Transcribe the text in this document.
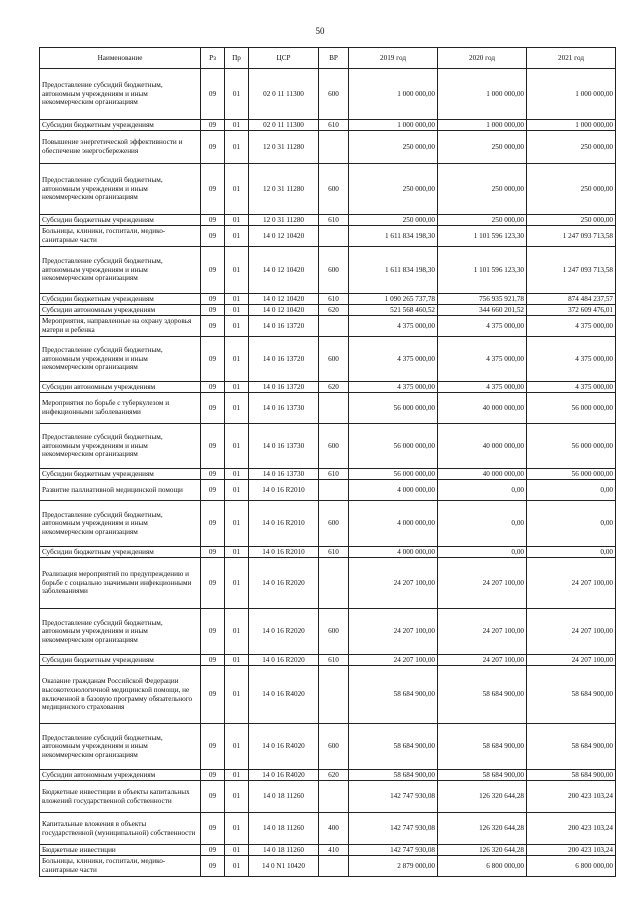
50
Наименование	Рз	Пр	ЦСР	ВР	2019 год	2020 год	2021 год
Предоставление субсидий бюджетным, автономным учреждениям и иным некоммерческим организациям	09	01	02 0 11 11300	600	1 000 000,00	1 000 000,00	1 000 000,00
Субсидии бюджетным учреждениям	09	01	02 0 11 11300	610	1 000 000,00	1 000 000,00	1 000 000,00
Повышение энергетической эффективности и обеспечение энергосбережения	09	01	12 0 31 11280		250 000,00	250 000,00	250 000,00
Предоставление субсидий бюджетным, автономным учреждениям и иным некоммерческим организациям	09	01	12 0 31 11280	600	250 000,00	250 000,00	250 000,00
Субсидии бюджетным учреждениям	09	01	12 0 31 11280	610	250 000,00	250 000,00	250 000,00
Больницы, клиники, госпитали, медико-санитарные части	09	01	14 0 12 10420		1 611 834 198,30	1 101 596 123,30	1 247 093 713,58
Предоставление субсидий бюджетным, автономным учреждениям и иным некоммерческим организациям	09	01	14 0 12 10420	600	1 611 834 198,30	1 101 596 123,30	1 247 093 713,58
Субсидии бюджетным учреждениям	09	01	14 0 12 10420	610	1 090 265 737,78	756 935 921,78	874 484 237,57
Субсидии автономным учреждениям	09	01	14 0 12 10420	620	521 568 460,52	344 660 201,52	372 609 476,01
Мероприятия, направленные на охрану здоровья матери и ребенка	09	01	14 0 16 13720		4 375 000,00	4 375 000,00	4 375 000,00
Предоставление субсидий бюджетным, автономным учреждениям и иным некоммерческим организациям	09	01	14 0 16 13720	600	4 375 000,00	4 375 000,00	4 375 000,00
Субсидии автономным учреждениям	09	01	14 0 16 13720	620	4 375 000,00	4 375 000,00	4 375 000,00
Мероприятия по борьбе с туберкулезом и инфекционными заболеваниями	09	01	14 0 16 13730		56 000 000,00	40 000 000,00	56 000 000,00
Предоставление субсидий бюджетным, автономным учреждениям и иным некоммерческим организациям	09	01	14 0 16 13730	600	56 000 000,00	40 000 000,00	56 000 000,00
Субсидии бюджетным учреждениям	09	01	14 0 16 13730	610	56 000 000,00	40 000 000,00	56 000 000,00
Развитие паллиативной медицинской помощи	09	01	14 0 16 R2010		4 000 000,00	0,00	0,00
Предоставление субсидий бюджетным, автономным учреждениям и иным некоммерческим организациям	09	01	14 0 16 R2010	600	4 000 000,00	0,00	0,00
Субсидии бюджетным учреждениям	09	01	14 0 16 R2010	610	4 000 000,00	0,00	0,00
Реализация мероприятий по предупреждению и борьбе с социально значимыми инфекционными заболеваниями	09	01	14 0 16 R2020		24 207 100,00	24 207 100,00	24 207 100,00
Предоставление субсидий бюджетным, автономным учреждениям и иным некоммерческим организациям	09	01	14 0 16 R2020	600	24 207 100,00	24 207 100,00	24 207 100,00
Субсидии бюджетным учреждениям	09	01	14 0 16 R2020	610	24 207 100,00	24 207 100,00	24 207 100,00
Оказание гражданам Российской Федерации высокотехнологичной медицинской помощи, не включенной в базовую программу обязательного медицинского страхования	09	01	14 0 16 R4020		58 684 900,00	58 684 900,00	58 684 900,00
Предоставление субсидий бюджетным, автономным учреждениям и иным некоммерческим организациям	09	01	14 0 16 R4020	600	58 684 900,00	58 684 900,00	58 684 900,00
Субсидии автономным учреждениям	09	01	14 0 16 R4020	620	58 684 900,00	58 684 900,00	58 684 900,00
Бюджетные инвестиции в объекты капитальных вложений государственной собственности	09	01	14 0 18 11260		142 747 930,08	126 320 644,28	200 423 103,24
Капитальные вложения в объекты государственной (муниципальной) собственности	09	01	14 0 18 11260	400	142 747 930,08	126 320 644,28	200 423 103,24
Бюджетные инвестиции	09	01	14 0 18 11260	410	142 747 930,08	126 320 644,28	200 423 103,24
Больницы, клиники, госпитали, медико-санитарные части	09	01	14 0 N1 10420		2 879 000,00	6 800 000,00	6 800 000,00
